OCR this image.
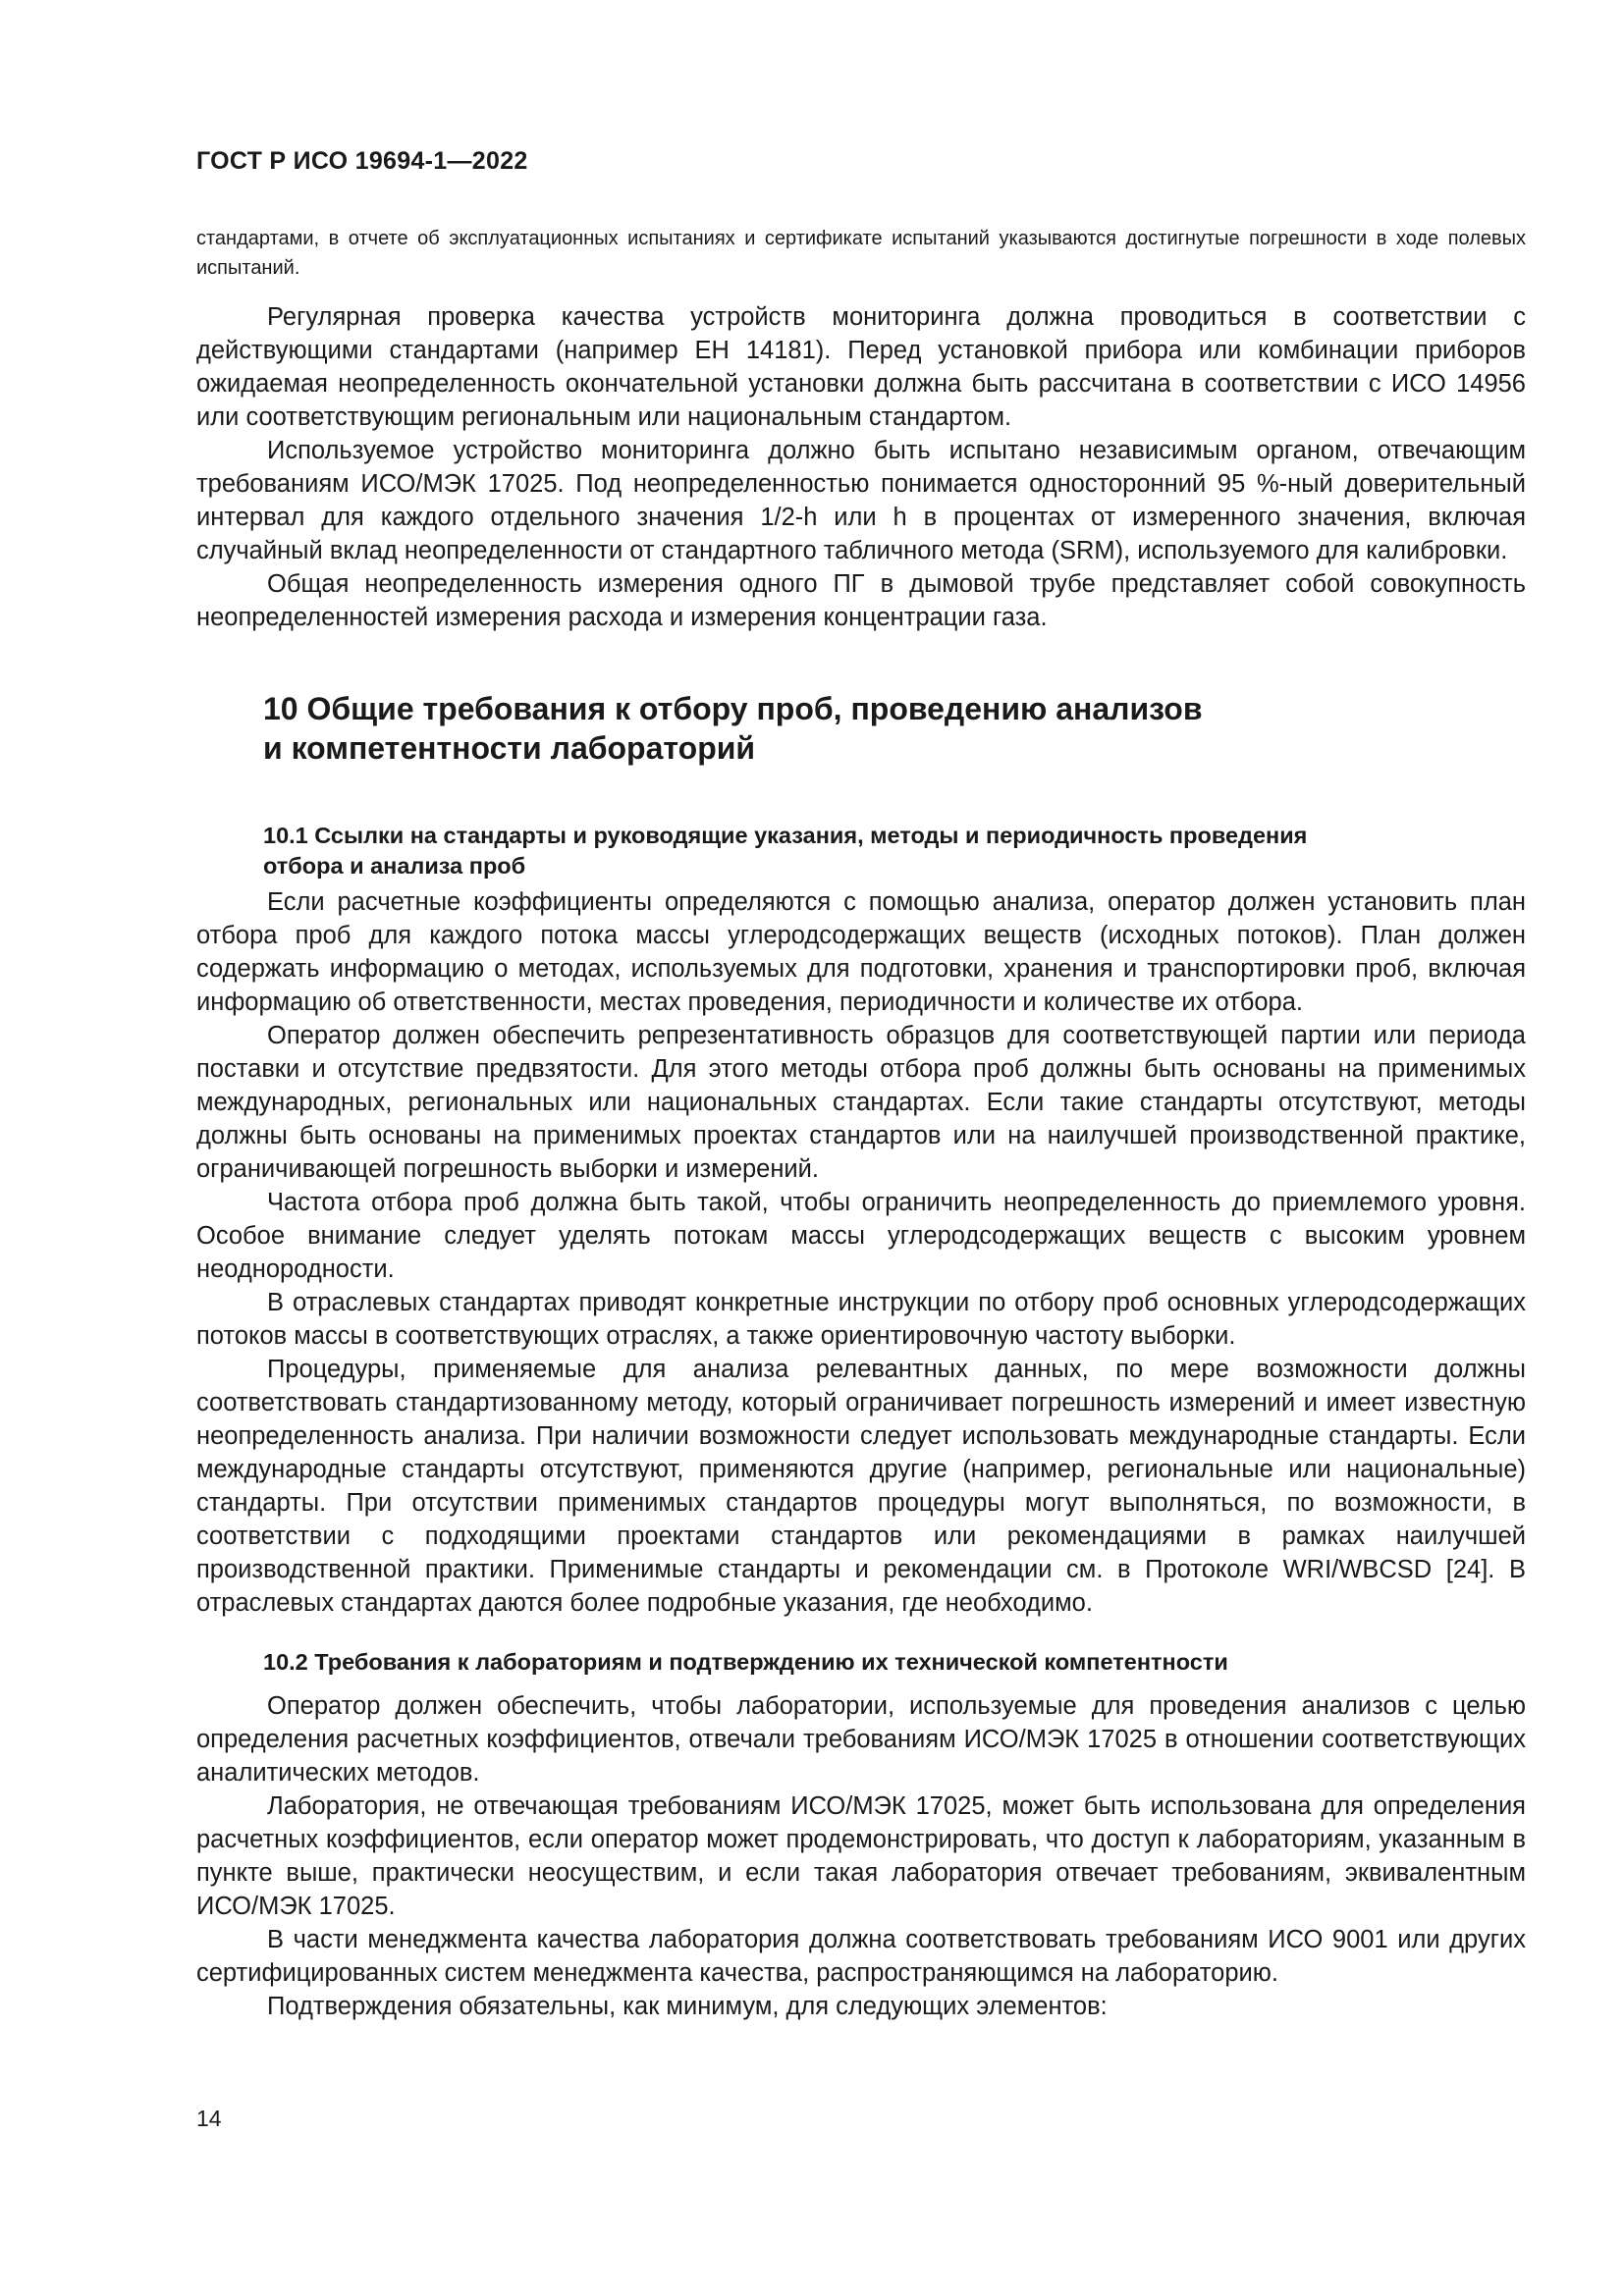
ГОСТ Р ИСО 19694-1—2022

стандартами, в отчете об эксплуатационных испытаниях и сертификате испытаний указываются достигнутые погрешности в ходе полевых испытаний.

Регулярная проверка качества устройств мониторинга должна проводиться в соответствии с действующими стандартами (например ЕН 14181). Перед установкой прибора или комбинации приборов ожидаемая неопределенность окончательной установки должна быть рассчитана в соответствии с ИСО 14956 или соответствующим региональным или национальным стандартом.

Используемое устройство мониторинга должно быть испытано независимым органом, отвечающим требованиям ИСО/МЭК 17025. Под неопределенностью понимается односторонний 95 %-ный доверительный интервал для каждого отдельного значения 1/2-h или h в процентах от измеренного значения, включая случайный вклад неопределенности от стандартного табличного метода (SRM), используемого для калибровки.

Общая неопределенность измерения одного ПГ в дымовой трубе представляет собой совокупность неопределенностей измерения расхода и измерения концентрации газа.

10 Общие требования к отбору проб, проведению анализов
и компетентности лабораторий
10.1 Ссылки на стандарты и руководящие указания, методы и периодичность проведения
отбора и анализа проб

Если расчетные коэффициенты определяются с помощью анализа, оператор должен установить план отбора проб для каждого потока массы углеродсодержащих веществ (исходных потоков). План должен содержать информацию о методах, используемых для подготовки, хранения и транспортировки проб, включая информацию об ответственности, местах проведения, периодичности и количестве их отбора.

Оператор должен обеспечить репрезентативность образцов для соответствующей партии или периода поставки и отсутствие предвзятости. Для этого методы отбора проб должны быть основаны на применимых международных, региональных или национальных стандартах. Если такие стандарты отсутствуют, методы должны быть основаны на применимых проектах стандартов или на наилучшей производственной практике, ограничивающей погрешность выборки и измерений.

Частота отбора проб должна быть такой, чтобы ограничить неопределенность до приемлемого уровня. Особое внимание следует уделять потокам массы углеродсодержащих веществ с высоким уровнем неоднородности.

В отраслевых стандартах приводят конкретные инструкции по отбору проб основных углеродсодержащих потоков массы в соответствующих отраслях, а также ориентировочную частоту выборки.

Процедуры, применяемые для анализа релевантных данных, по мере возможности должны соответствовать стандартизованному методу, который ограничивает погрешность измерений и имеет известную неопределенность анализа. При наличии возможности следует использовать международные стандарты. Если международные стандарты отсутствуют, применяются другие (например, региональные или национальные) стандарты. При отсутствии применимых стандартов процедуры могут выполняться, по возможности, в соответствии с подходящими проектами стандартов или рекомендациями в рамках наилучшей производственной практики. Применимые стандарты и рекомендации см. в Протоколе WRI/WBCSD [24]. В отраслевых стандартах даются более подробные указания, где необходимо.

10.2 Требования к лабораториям и подтверждению их технической компетентности

Оператор должен обеспечить, чтобы лаборатории, используемые для проведения анализов с целью определения расчетных коэффициентов, отвечали требованиям ИСО/МЭК 17025 в отношении соответствующих аналитических методов.

Лаборатория, не отвечающая требованиям ИСО/МЭК 17025, может быть использована для определения расчетных коэффициентов, если оператор может продемонстрировать, что доступ к лабораториям, указанным в пункте выше, практически неосуществим, и если такая лаборатория отвечает требованиям, эквивалентным ИСО/МЭК 17025.

В части менеджмента качества лаборатория должна соответствовать требованиям ИСО 9001 или других сертифицированных систем менеджмента качества, распространяющимся на лабораторию.

Подтверждения обязательны, как минимум, для следующих элементов:

14
